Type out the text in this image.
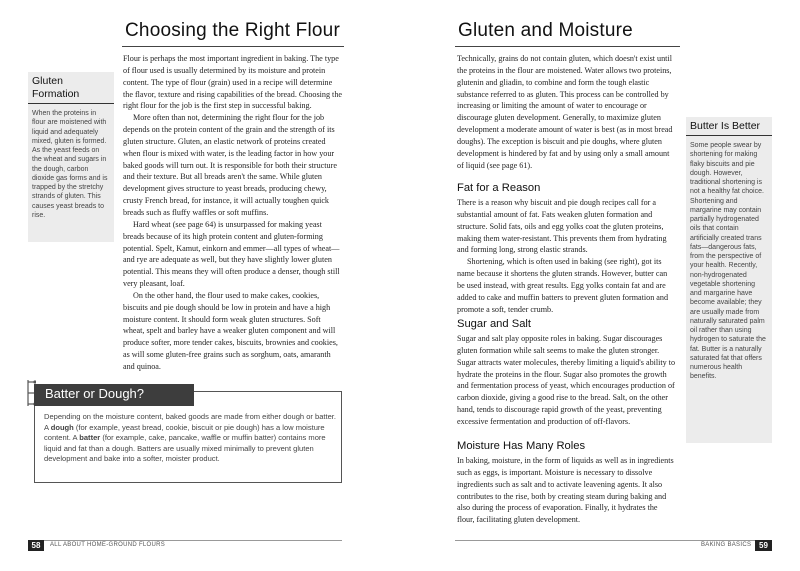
Choosing the Right Flour

Flour is perhaps the most important ingredient in baking. The type of flour used is usually determined by its moisture and protein content. The type of flour (grain) used in a recipe will determine the flavor, texture and rising capabilities of the bread. Choosing the right flour for the job is the first step in successful baking.

More often than not, determining the right flour for the job depends on the protein content of the grain and the strength of its gluten structure. Gluten, an elastic network of proteins created when flour is mixed with water, is the leading factor in how your baked goods will turn out. It is responsible for both their structure and their texture. But all breads aren't the same. While gluten development gives structure to yeast breads, producing chewy, crusty French bread, for instance, it will actually toughen quick breads such as fluffy waffles or soft muffins.

Hard wheat (see page 64) is unsurpassed for making yeast breads because of its high protein content and gluten-forming potential. Spelt, Kamut, einkorn and emmer—all types of wheat—and rye are adequate as well, but they have slightly lower gluten potential. This means they will often produce a denser, though still very pleasant, loaf.

On the other hand, the flour used to make cakes, cookies, biscuits and pie dough should be low in protein and have a high moisture content. It should form weak gluten structures. Soft wheat, spelt and barley have a weaker gluten component and will produce softer, more tender cakes, biscuits, brownies and cookies, as will some gluten-free grains such as sorghum, oats, amaranth and quinoa.

Gluten Formation
When the proteins in flour are moistened with liquid and adequately mixed, gluten is formed. As the yeast feeds on the wheat and sugars in the dough, carbon dioxide gas forms and is trapped by the stretchy strands of gluten. This causes yeast breads to rise.
Batter or Dough?
Depending on the moisture content, baked goods are made from either dough or batter. A dough (for example, yeast bread, cookie, biscuit or pie dough) has a low moisture content. A batter (for example, cake, pancake, waffle or muffin batter) contains more liquid and fat than a dough. Batters are usually mixed minimally to prevent gluten development and bake into a softer, moister product.
58	ALL ABOUT HOME-GROUND FLOURS
Gluten and Moisture

Technically, grains do not contain gluten, which doesn't exist until the proteins in the flour are moistened. Water allows two proteins, glutenin and gliadin, to combine and form the tough elastic substance referred to as gluten. This process can be controlled by increasing or limiting the amount of water to encourage or discourage gluten development. Generally, to maximize gluten development a moderate amount of water is best (as in most bread doughs). The exception is biscuit and pie doughs, where gluten development is hindered by fat and by using only a small amount of liquid (see page 61).

Fat for a Reason

There is a reason why biscuit and pie dough recipes call for a substantial amount of fat. Fats weaken gluten formation and structure. Solid fats, oils and egg yolks coat the gluten proteins, making them water-resistant. This prevents them from hydrating and forming long, strong elastic strands.

Shortening, which is often used in baking (see right), got its name because it shortens the gluten strands. However, butter can be used instead, with great results. Egg yolks contain fat and are added to cake and muffin batters to prevent gluten formation and promote a soft, tender crumb.

Sugar and Salt

Sugar and salt play opposite roles in baking. Sugar discourages gluten formation while salt seems to make the gluten stronger. Sugar attracts water molecules, thereby limiting a liquid's ability to hydrate the proteins in the flour. Sugar also promotes the growth and fermentation process of yeast, which encourages production of carbon dioxide, giving a good rise to the bread. Salt, on the other hand, tends to discourage rapid growth of the yeast, preventing excessive fermentation and production of off-flavors.

Moisture Has Many Roles

In baking, moisture, in the form of liquids as well as in ingredients such as eggs, is important. Moisture is necessary to dissolve ingredients such as salt and to activate leavening agents. It also contributes to the rise, both by creating steam during baking and also during the process of evaporation. Finally, it hydrates the flour, facilitating gluten development.

Butter Is Better
Some people swear by shortening for making flaky biscuits and pie dough. However, traditional shortening is not a healthy fat choice. Shortening and margarine may contain partially hydrogenated oils that contain artificially created trans fats—dangerous fats, from the perspective of your health. Recently, non-hydrogenated vegetable shortening and margarine have become available; they are usually made from naturally saturated palm oil rather than using hydrogen to saturate the fat. Butter is a naturally saturated fat that offers numerous health benefits.
BAKING BASICS 59
